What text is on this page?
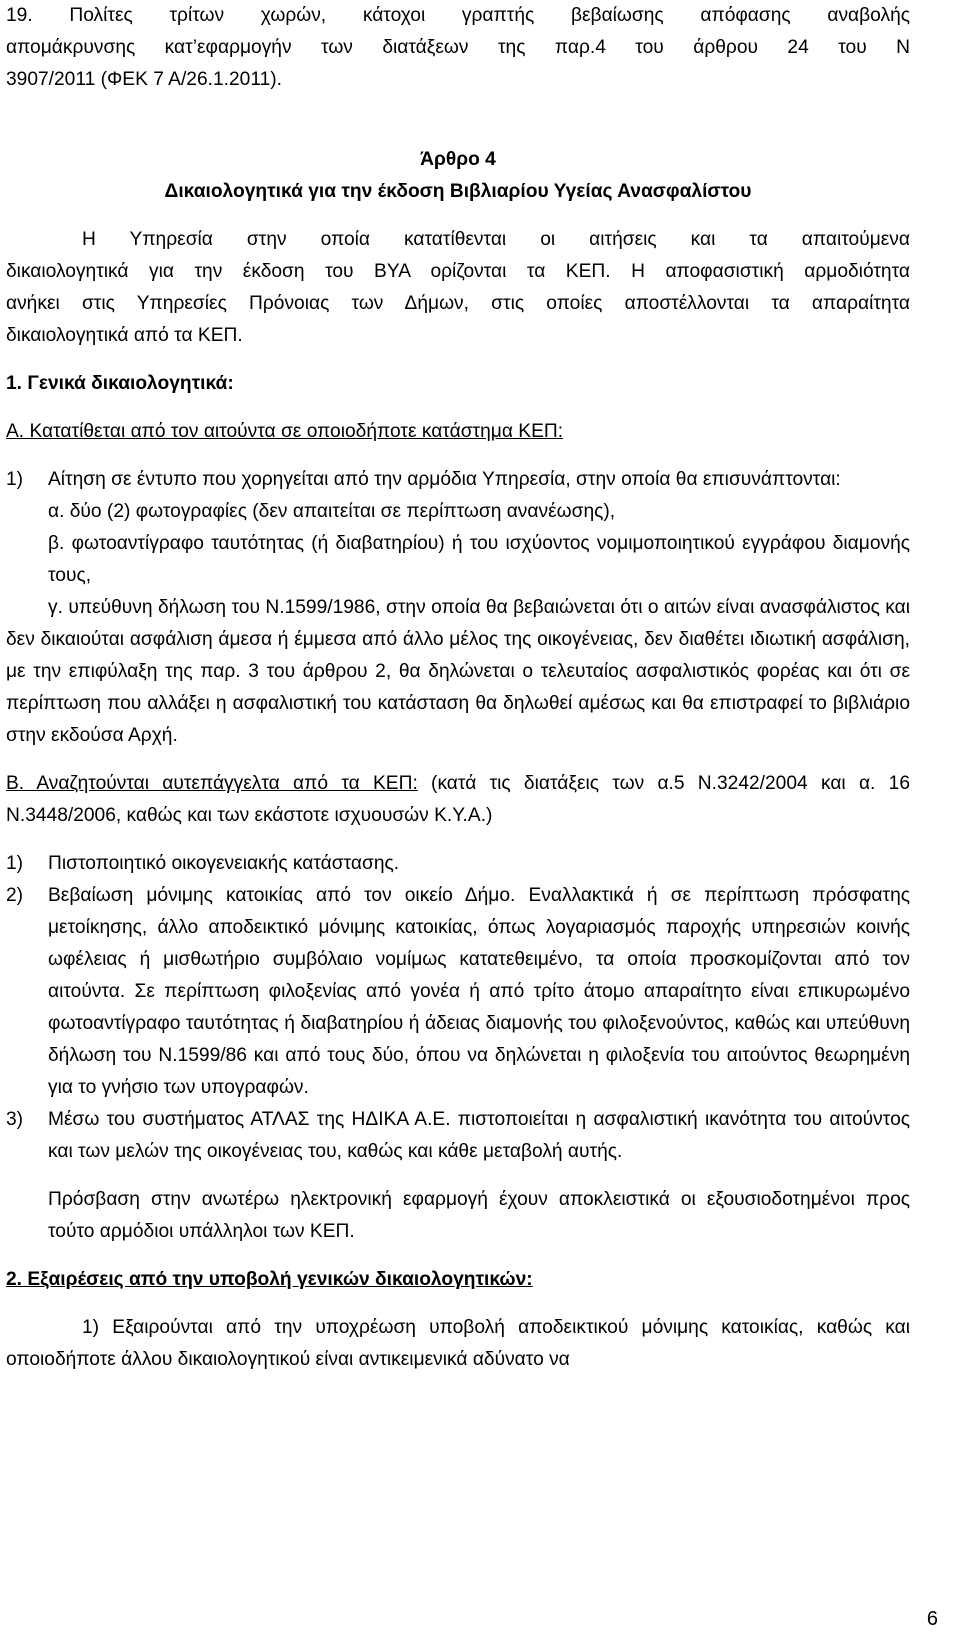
19. Πολίτες τρίτων χωρών, κάτοχοι γραπτής βεβαίωσης απόφασης αναβολής

απομάκρυνσης κατ’εφαρμογήν των διατάξεων της παρ.4 του άρθρου 24 του Ν

3907/2011 (ΦΕΚ 7 Α/26.1.2011).

Άρθρο 4

Δικαιολογητικά για την έκδοση Βιβλιαρίου Υγείας Ανασφαλίστου

Η Υπηρεσία στην οποία κατατίθενται οι αιτήσεις και τα απαιτούμενα

δικαιολογητικά για την έκδοση του ΒΥΑ ορίζονται τα ΚΕΠ. Η αποφασιστική αρμοδιότητα

ανήκει στις Υπηρεσίες Πρόνοιας των Δήμων, στις οποίες αποστέλλονται τα απαραίτητα

δικαιολογητικά από τα ΚΕΠ.

1. Γενικά δικαιολογητικά:

Α. Κατατίθεται από τον αιτούντα σε οποιοδήποτε κατάστημα ΚΕΠ:

1)	Αίτηση σε έντυπο που χορηγείται από την αρμόδια Υπηρεσία, στην οποία θα επισυνάπτονται:

α. δύο (2) φωτογραφίες (δεν απαιτείται σε περίπτωση ανανέωσης),

β. φωτοαντίγραφο ταυτότητας (ή διαβατηρίου) ή του ισχύοντος νομιμοποιητικού εγγράφου διαμονής τους,

γ. υπεύθυνη δήλωση του Ν.1599/1986, στην οποία θα βεβαιώνεται ότι ο αιτών είναι ανασφάλιστος και δεν δικαιούται ασφάλιση άμεσα ή έμμεσα από άλλο μέλος της οικογένειας, δεν διαθέτει ιδιωτική ασφάλιση, με την επιφύλαξη της παρ. 3 του άρθρου 2, θα δηλώνεται ο τελευταίος ασφαλιστικός φορέας και ότι σε περίπτωση που αλλάξει η ασφαλιστική του κατάσταση θα δηλωθεί αμέσως και θα επιστραφεί το βιβλιάριο στην εκδούσα Αρχή.

Β. Αναζητούνται αυτεπάγγελτα από τα ΚΕΠ: (κατά τις διατάξεις των α.5 Ν.3242/2004 και α. 16 Ν.3448/2006, καθώς και των εκάστοτε ισχυουσών Κ.Υ.Α.)

1)	Πιστοποιητικό οικογενειακής κατάστασης.
2)	Βεβαίωση μόνιμης κατοικίας από τον οικείο Δήμο. Εναλλακτικά ή σε περίπτωση πρόσφατης μετοίκησης, άλλο αποδεικτικό μόνιμης κατοικίας, όπως λογαριασμός παροχής υπηρεσιών κοινής ωφέλειας ή μισθωτήριο συμβόλαιο νομίμως κατατεθειμένο, τα οποία προσκομίζονται από τον αιτούντα. Σε περίπτωση φιλοξενίας από γονέα ή από τρίτο άτομο απαραίτητο είναι επικυρωμένο φωτοαντίγραφο ταυτότητας ή διαβατηρίου ή άδειας διαμονής του φιλοξενούντος, καθώς και υπεύθυνη δήλωση του Ν.1599/86 και από τους δύο, όπου να δηλώνεται η φιλοξενία του αιτούντος θεωρημένη για το γνήσιο των υπογραφών.
3)	Μέσω του συστήματος ΑΤΛΑΣ της ΗΔΙΚΑ Α.Ε. πιστοποιείται η ασφαλιστική ικανότητα του αιτούντος και των μελών της οικογένειας του, καθώς και κάθε μεταβολή αυτής.

Πρόσβαση στην ανωτέρω ηλεκτρονική εφαρμογή έχουν αποκλειστικά οι εξουσιοδοτημένοι προς τούτο αρμόδιοι υπάλληλοι των ΚΕΠ.

2. Εξαιρέσεις από την υποβολή γενικών δικαιολογητικών:

1) Εξαιρούνται από την υποχρέωση υποβολή αποδεικτικού μόνιμης κατοικίας, καθώς και οποιοδήποτε άλλου δικαιολογητικού είναι αντικειμενικά αδύνατο να

6
